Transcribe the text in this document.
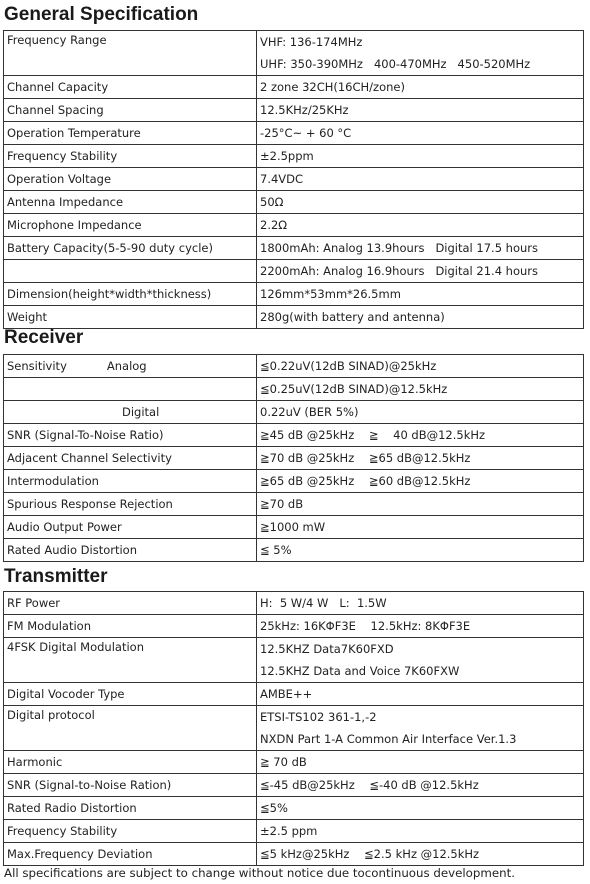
General Specification
Frequency Range	VHF: 136-174MHz
UHF: 350-390MHz   400-470MHz   450-520MHz

Channel Capacity	2 zone 32CH(16CH/zone)

Channel Spacing	12.5KHz/25KHz

Operation Temperature	-25°C~ + 60 °C

Frequency Stability	±2.5ppm

Operation Voltage	7.4VDC

Antenna Impedance	50Ω

Microphone Impedance	2.2Ω

Battery Capacity(5-5-90 duty cycle)	1800mAh: Analog 13.9hours   Digital 17.5 hours

	2200mAh: Analog 16.9hours   Digital 21.4 hours

Dimension(height*width*thickness)	126mm*53mm*26.5mm

Weight	280g(with battery and antenna)
Receiver
Sensitivity Analog	≦0.22uV(12dB SINAD)@25kHz

	≦0.25uV(12dB SINAD)@12.5kHz

Digital	0.22uV (BER 5%)

SNR (Signal-To-Noise Ratio)	≧45 dB @25kHz    ≧    40 dB@12.5kHz

Adjacent Channel Selectivity	≧70 dB @25kHz    ≧65 dB@12.5kHz

Intermodulation	≧65 dB @25kHz    ≧60 dB@12.5kHz

Spurious Response Rejection	≧70 dB

Audio Output Power	≧1000 mW

Rated Audio Distortion	≦ 5%
Transmitter
RF Power	H:  5 W/4 W   L:  1.5W

FM Modulation	25kHz: 16KΦF3E    12.5kHz: 8KΦF3E

4FSK Digital Modulation	12.5KHZ Data7K60FXD
12.5KHZ Data and Voice 7K60FXW

Digital Vocoder Type	AMBE++

Digital protocol	ETSI-TS102 361-1,-2
NXDN Part 1-A Common Air Interface Ver.1.3

Harmonic	≧ 70 dB

SNR (Signal-to-Noise Ration)	≦-45 dB@25kHz    ≦-40 dB @12.5kHz

Rated Radio Distortion	≦5%

Frequency Stability	±2.5 ppm

Max.Frequency Deviation	≦5 kHz@25kHz    ≦2.5 kHz @12.5kHz
All specifications are subject to change without notice due tocontinuous development.
